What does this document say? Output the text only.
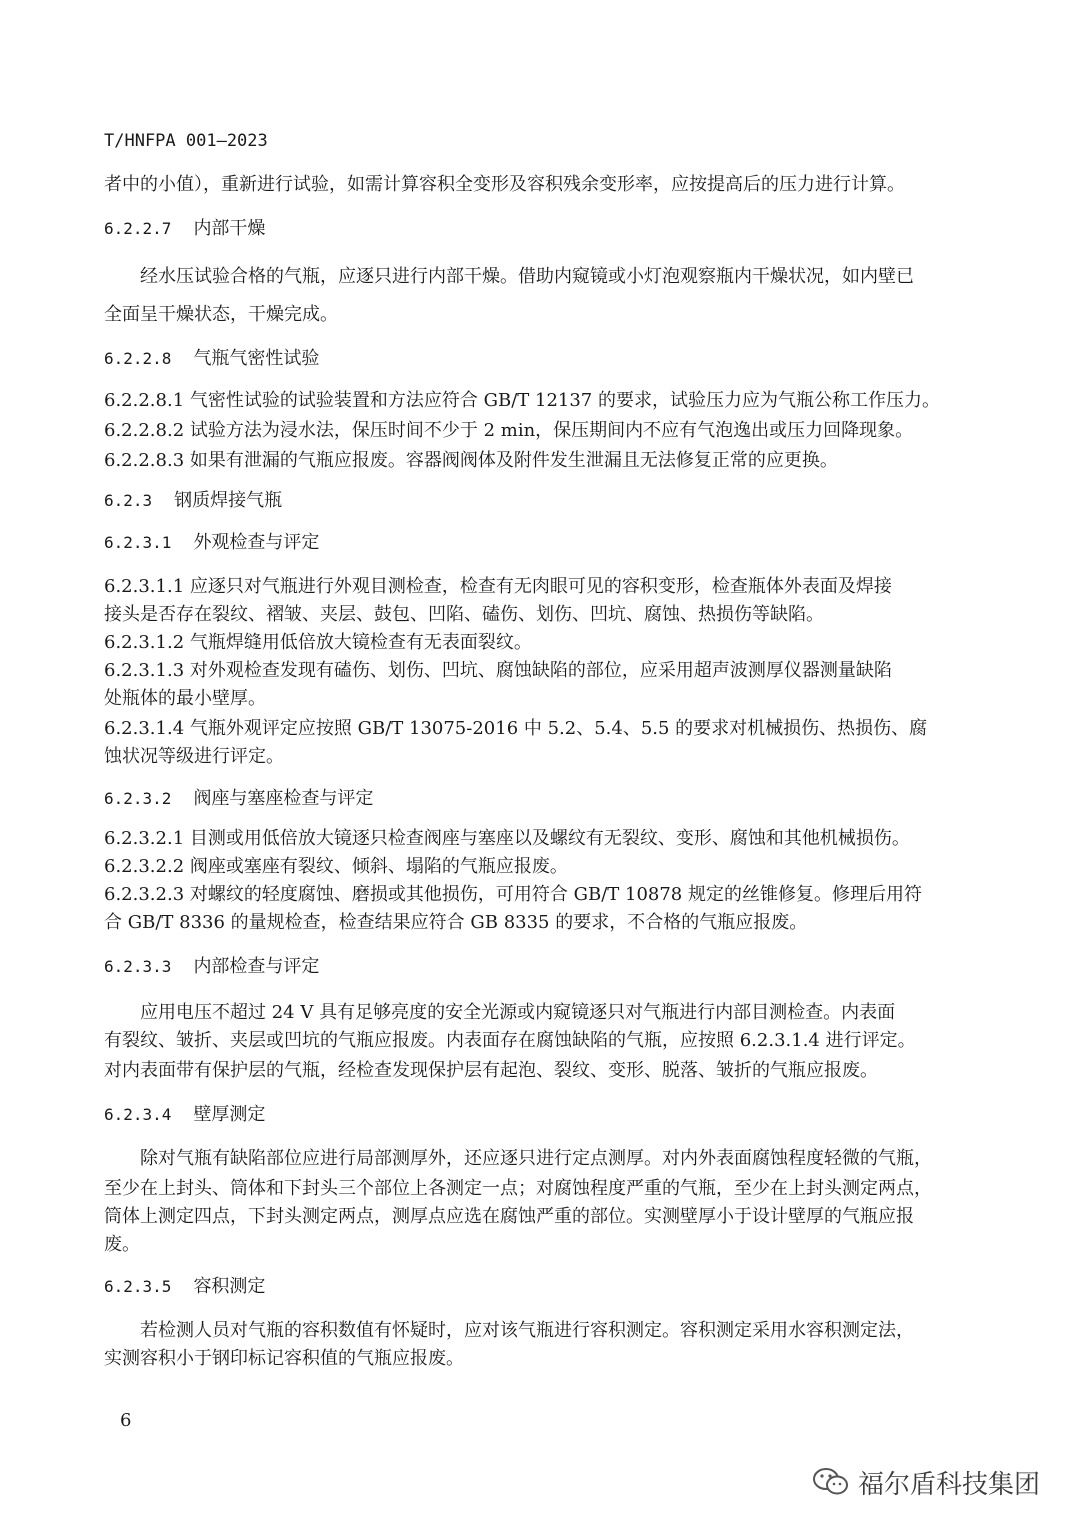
T/HNFPA 001—2023
者中的小值），重新进行试验，如需计算容积全变形及容积残余变形率，应按提高后的压力进行计算。
6.2.2.7 内部干燥
经水压试验合格的气瓶，应逐只进行内部干燥。借助内窥镜或小灯泡观察瓶内干燥状况，如内壁已
全面呈干燥状态，干燥完成。
6.2.2.8 气瓶气密性试验
6.2.2.8.1 气密性试验的试验装置和方法应符合 GB/T 12137 的要求，试验压力应为气瓶公称工作压力。
6.2.2.8.2 试验方法为浸水法，保压时间不少于 2 min，保压期间内不应有气泡逸出或压力回降现象。
6.2.2.8.3 如果有泄漏的气瓶应报废。容器阀阀体及附件发生泄漏且无法修复正常的应更换。
6.2.3 钢质焊接气瓶
6.2.3.1 外观检查与评定
6.2.3.1.1 应逐只对气瓶进行外观目测检查，检查有无肉眼可见的容积变形，检查瓶体外表面及焊接
接头是否存在裂纹、褶皱、夹层、鼓包、凹陷、磕伤、划伤、凹坑、腐蚀、热损伤等缺陷。
6.2.3.1.2 气瓶焊缝用低倍放大镜检查有无表面裂纹。
6.2.3.1.3 对外观检查发现有磕伤、划伤、凹坑、腐蚀缺陷的部位，应采用超声波测厚仪器测量缺陷
处瓶体的最小壁厚。
6.2.3.1.4 气瓶外观评定应按照 GB/T 13075-2016 中 5.2、5.4、5.5 的要求对机械损伤、热损伤、腐
蚀状况等级进行评定。
6.2.3.2 阀座与塞座检查与评定
6.2.3.2.1 目测或用低倍放大镜逐只检查阀座与塞座以及螺纹有无裂纹、变形、腐蚀和其他机械损伤。
6.2.3.2.2 阀座或塞座有裂纹、倾斜、塌陷的气瓶应报废。
6.2.3.2.3 对螺纹的轻度腐蚀、磨损或其他损伤，可用符合 GB/T 10878 规定的丝锥修复。修理后用符
合 GB/T 8336 的量规检查，检查结果应符合 GB 8335 的要求，不合格的气瓶应报废。
6.2.3.3 内部检查与评定
应用电压不超过 24 V 具有足够亮度的安全光源或内窥镜逐只对气瓶进行内部目测检查。内表面
有裂纹、皱折、夹层或凹坑的气瓶应报废。内表面存在腐蚀缺陷的气瓶，应按照 6.2.3.1.4 进行评定。
对内表面带有保护层的气瓶，经检查发现保护层有起泡、裂纹、变形、脱落、皱折的气瓶应报废。
6.2.3.4 壁厚测定
除对气瓶有缺陷部位应进行局部测厚外，还应逐只进行定点测厚。对内外表面腐蚀程度轻微的气瓶，
至少在上封头、筒体和下封头三个部位上各测定一点；对腐蚀程度严重的气瓶，至少在上封头测定两点，
筒体上测定四点，下封头测定两点，测厚点应选在腐蚀严重的部位。实测壁厚小于设计壁厚的气瓶应报
废。
6.2.3.5 容积测定
若检测人员对气瓶的容积数值有怀疑时，应对该气瓶进行容积测定。容积测定采用水容积测定法，
实测容积小于钢印标记容积值的气瓶应报废。
6
福尔盾科技集团
